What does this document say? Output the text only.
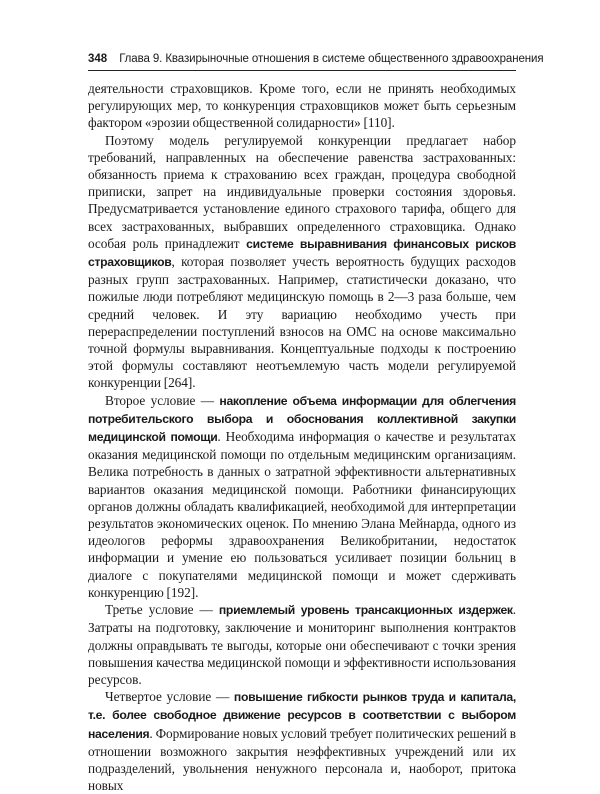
348 Глава 9. Квазирыночные отношения в системе общественного здравоохранения

деятельности страховщиков. Кроме того, если не принять необходимых регулирующих мер, то конкуренция страховщиков может быть серьезным фактором «эрозии общественной солидарности» [110].

Поэтому модель регулируемой конкуренции предлагает набор требований, направленных на обеспечение равенства застрахованных: обязанность приема к страхованию всех граждан, процедура свободной приписки, запрет на индивидуальные проверки состояния здоровья. Предусматривается установление единого страхового тарифа, общего для всех застрахованных, выбравших определенного страховщика. Однако особая роль принадлежит системе выравнивания финансовых рисков страховщиков, которая позволяет учесть вероятность будущих расходов разных групп застрахованных. Например, статистически доказано, что пожилые люди потребляют медицинскую помощь в 2—3 раза больше, чем средний человек. И эту вариацию необходимо учесть при перераспределении поступлений взносов на ОМС на основе максимально точной формулы выравнивания. Концептуальные подходы к построению этой формулы составляют неотъемлемую часть модели регулируемой конкуренции [264].

Второе условие — накопление объема информации для облегчения потребительского выбора и обоснования коллективной закупки медицинской помощи. Необходима информация о качестве и результатах оказания медицинской помощи по отдельным медицинским организациям. Велика потребность в данных о затратной эффективности альтернативных вариантов оказания медицинской помощи. Работники финансирующих органов должны обладать квалификацией, необходимой для интерпретации результатов экономических оценок. По мнению Элана Мейнарда, одного из идеологов реформы здравоохранения Великобритании, недостаток информации и умение ею пользоваться усиливает позиции больниц в диалоге с покупателями медицинской помощи и может сдерживать конкуренцию [192].

Третье условие — приемлемый уровень трансакционных издержек. Затраты на подготовку, заключение и мониторинг выполнения контрактов должны оправдывать те выгоды, которые они обеспечивают с точки зрения повышения качества медицинской помощи и эффективности использования ресурсов.

Четвертое условие — повышение гибкости рынков труда и капитала, т.е. более свободное движение ресурсов в соответствии с выбором населения. Формирование новых условий требует политических решений в отношении возможного закрытия неэффективных учреждений или их подразделений, увольнения ненужного персонала и, наоборот, притока новых
